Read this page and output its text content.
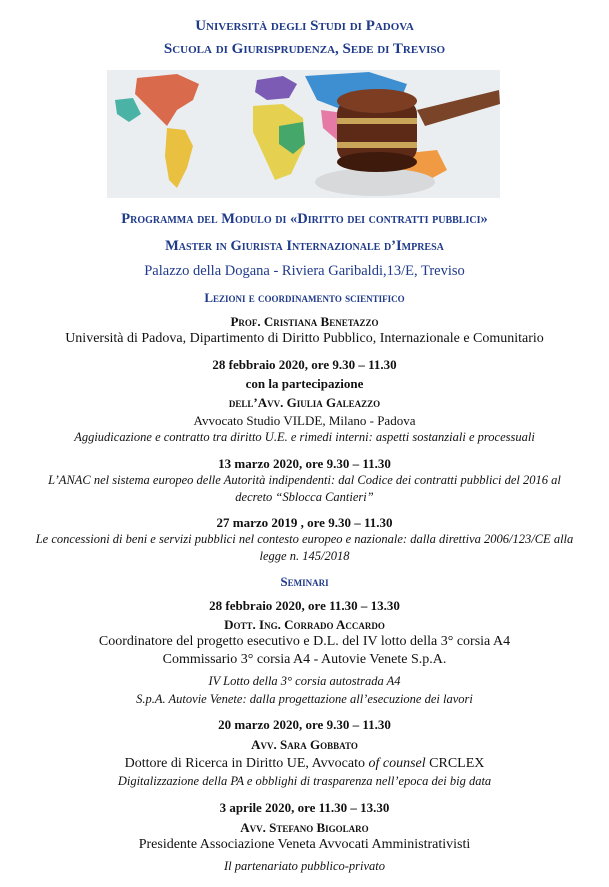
Università degli Studi di Padova
Scuola di Giurisprudenza, Sede di Treviso
Programma del Modulo di «Diritto dei contratti pubblici»
Master in Giurista Internazionale d’Impresa
Palazzo della Dogana - Riviera Garibaldi,13/E, Treviso
Lezioni e coordinamento scientifico
Prof. Cristiana Benetazzo
Università di Padova, Dipartimento di Diritto Pubblico, Internazionale e Comunitario
28 febbraio 2020, ore 9.30 – 11.30
con la partecipazione
dell’Avv. Giulia Galeazzo
Avvocato Studio VILDE, Milano - Padova
Aggiudicazione e contratto tra diritto U.E. e rimedi interni: aspetti sostanziali e processuali
13 marzo 2020, ore 9.30 – 11.30
L’ANAC nel sistema europeo delle Autorità indipendenti: dal Codice dei contratti pubblici del 2016 al
decreto “Sblocca Cantieri”
27 marzo 2019 , ore 9.30 – 11.30
Le concessioni di beni e servizi pubblici nel contesto europeo e nazionale: dalla direttiva 2006/123/CE alla
legge n. 145/2018
Seminari
28 febbraio 2020, ore 11.30 – 13.30
Dott. Ing. Corrado Accardo
Coordinatore del progetto esecutivo e D.L. del IV lotto della 3° corsia A4
Commissario 3° corsia A4 - Autovie Venete S.p.A.
IV Lotto della 3° corsia autostrada A4
S.p.A. Autovie Venete: dalla progettazione all’esecuzione dei lavori
20 marzo 2020, ore 9.30 – 11.30
Avv. Sara Gobbato
Dottore di Ricerca in Diritto UE, Avvocato of counsel CRCLEX
Digitalizzazione della PA e obblighi di trasparenza nell’epoca dei big data
3 aprile 2020, ore 11.30 – 13.30
Avv. Stefano Bigolaro
Presidente Associazione Veneta Avvocati Amministrativisti
Il partenariato pubblico-privato
